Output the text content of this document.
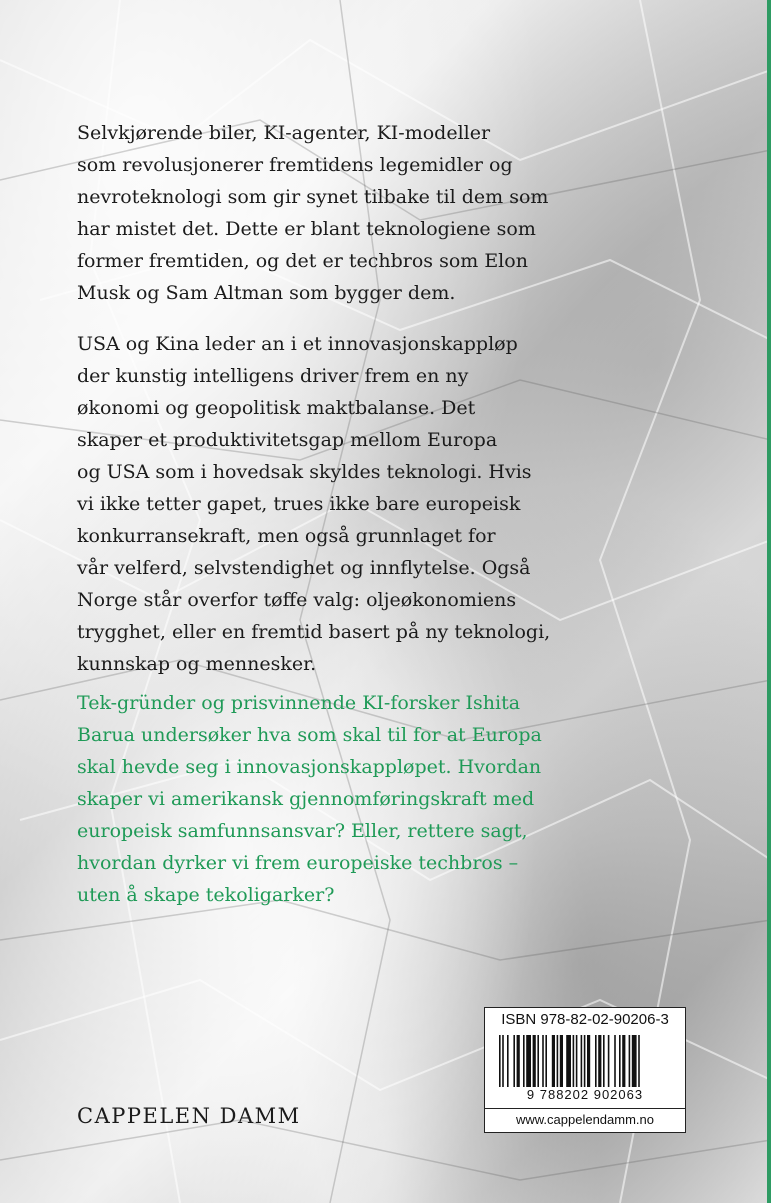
Selvkjørende biler, KI-agenter, KI-modeller
som revolusjonerer fremtidens legemidler og
nevroteknologi som gir synet tilbake til dem som
har mistet det. Dette er blant teknologiene som
former fremtiden, og det er techbros som Elon
Musk og Sam Altman som bygger dem.
USA og Kina leder an i et innovasjonskappløp
der kunstig intelligens driver frem en ny
økonomi og geopolitisk maktbalanse. Det
skaper et produktivitetsgap mellom Europa
og USA som i hovedsak skyldes teknologi. Hvis
vi ikke tetter gapet, trues ikke bare europeisk
konkurransekraft, men også grunnlaget for
vår velferd, selvstendighet og innflytelse. Også
Norge står overfor tøffe valg: oljeøkonomiens
trygghet, eller en fremtid basert på ny teknologi,
kunnskap og mennesker.
Tek-gründer og prisvinnende KI-forsker Ishita
Barua undersøker hva som skal til for at Europa
skal hevde seg i innovasjonskappløpet. Hvordan
skaper vi amerikansk gjennomføringskraft med
europeisk samfunnsansvar? Eller, rettere sagt,
hvordan dyrker vi frem europeiske techbros –
uten å skape tekoligarker?
CAPPELEN DAMM
ISBN 978-82-02-90206-3
9 788202 902063
www.cappelendamm.no
